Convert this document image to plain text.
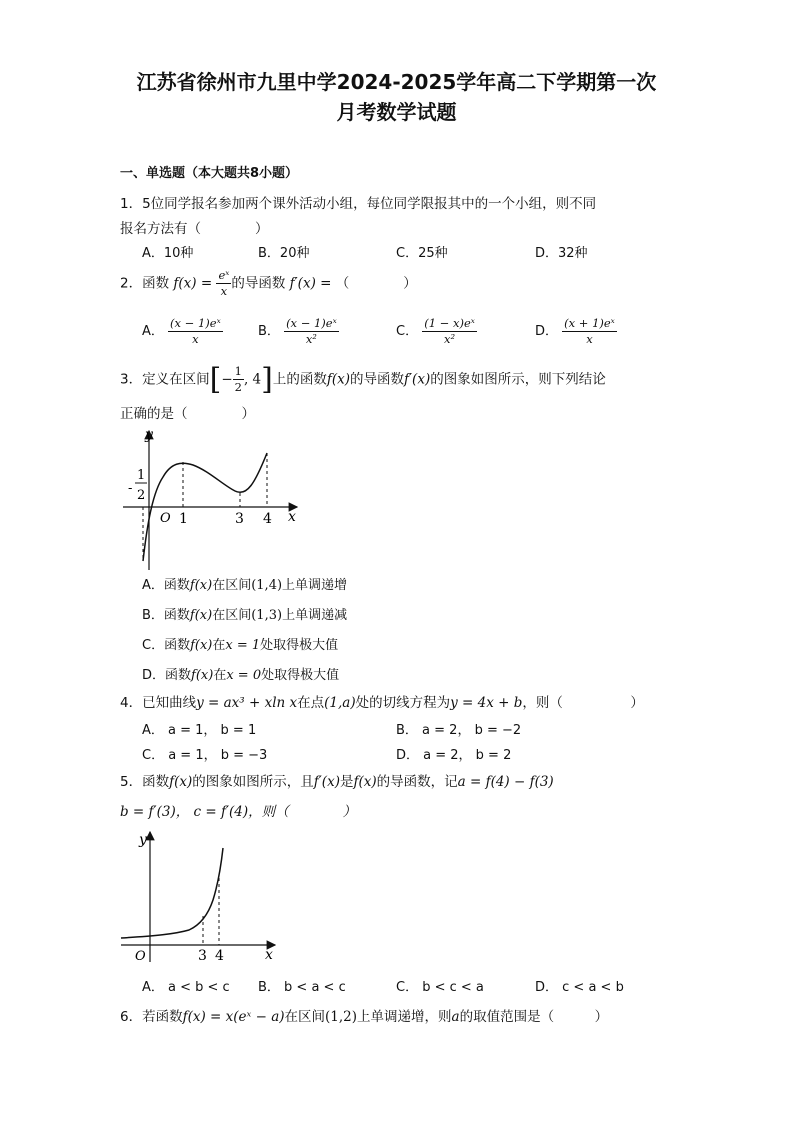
江苏省徐州市九里中学2024-2025学年高二下学期第一次
月考数学试题
一、单选题（本大题共8小题）
1．5位同学报名参加两个课外活动小组，每位同学限报其中的一个小组，则不同
报名方法有（　　　　）
A．10种	B．20种	C．25种	D．32种
2．函数 $f(x) = \frac{\text{eˣ}}{x}$ 的导函数 f′(x) = （　　　　）
A． $\frac{\text{(x − 1)eˣ}}{x}$	B． $\frac{\text{(x − 1)eˣ}}{\text{x²}}$	C． $\frac{\text{(1 − x)eˣ}}{\text{x²}}$	D． $\frac{\text{(x + 1)eˣ}}{x}$
3．定义在区间[− $\frac{1}{2}$ , 4]上的函数f(x)的导函数f′(x)的图象如图所示，则下列结论
正确的是（　　　　）
y
x
O
-
1
2
1	3 4
A．函数f(x)在区间(1,4)上单调递增
B．函数f(x)在区间(1,3)上单调递减
C．函数f(x)在x = 1处取得极大值
D．函数f(x)在x = 0处取得极大值
4．已知曲线y = ax³ + xln x在点(1,a)处的切线方程为y = 4x + b，则（　　　　　）
A． a = 1， b = 1	B． a = 2， b = −2
C． a = 1， b = −3	D． a = 2， b = 2
5．函数f(x)的图象如图所示，且f′(x)是f(x)的导函数，记a = f(4) − f(3)
b = f′(3)， c = f′(4)，则（　　　　）
y
x
O	3 4
A． a < b < c B． b < a < c	C． b < c < a	D． c < a < b
6．若函数f(x) = x(eˣ − a)在区间(1,2)上单调递增，则a的取值范围是（　　　）
